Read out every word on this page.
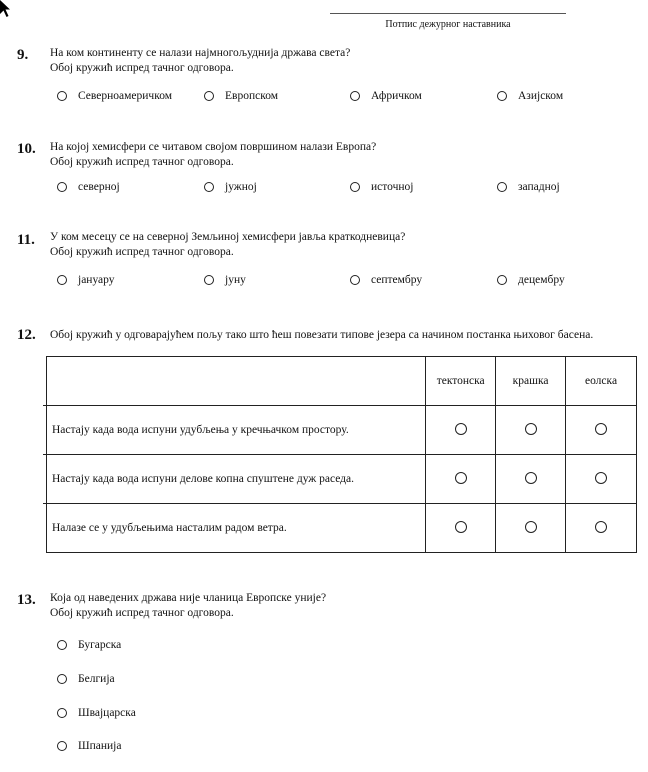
Потпис дежурног наставника
9. На ком континенту се налази најмногољуднија држава света?
Обој кружић испред тачног одговора.
Северноамеричком	Европском	Афричком	Азијском
10. На којој хемисфери се читавом својом површином налази Европа?
Обој кружић испред тачног одговора.
северној	јужној	источној	западној
11. У ком месецу се на северној Земљиној хемисфери јавља краткодневица?
Обој кружић испред тачног одговора.
јануару	јуну	септембру	децембру
12. Обој кружић у одговарајућем пољу тако што ћеш повезати типове језера са начином постанка њиховог басена.
	тектонска	крашка	еолска
Настају када вода испуни удубљења у кречњачком простору.			
Настају када вода испуни делове копна спуштене дуж раседа.			
Налазе се у удубљењима насталим радом ветра.			
13. Која од наведених држава није чланица Европске уније?
Обој кружић испред тачног одговора.
Бугарска
Белгија
Швајцарска
Шпанија
